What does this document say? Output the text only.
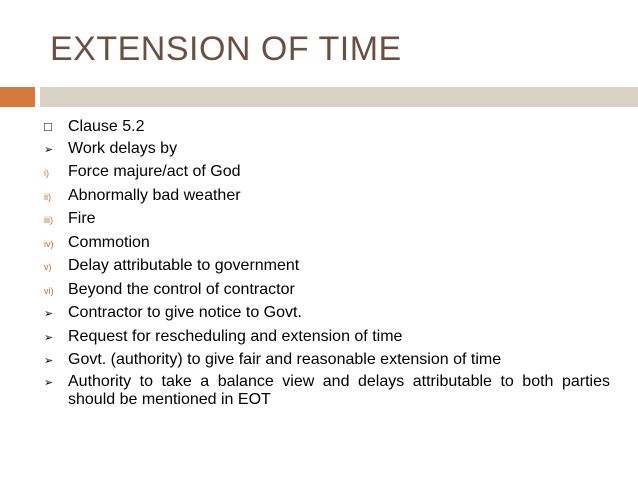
EXTENSION OF TIME
□	Clause 5.2
➢ Work delays by
i)	Force majure/act of God
ii)	Abnormally bad weather
iii) Fire
iv) Commotion
v)	Delay attributable to government
vi) Beyond the control of contractor
➢ Contractor to give notice to Govt.
➢ Request for rescheduling and extension of time
➢ Govt. (authority) to give fair and reasonable extension of time
➢ Authority to take a balance view and delays attributable to both parties should be mentioned in EOT
